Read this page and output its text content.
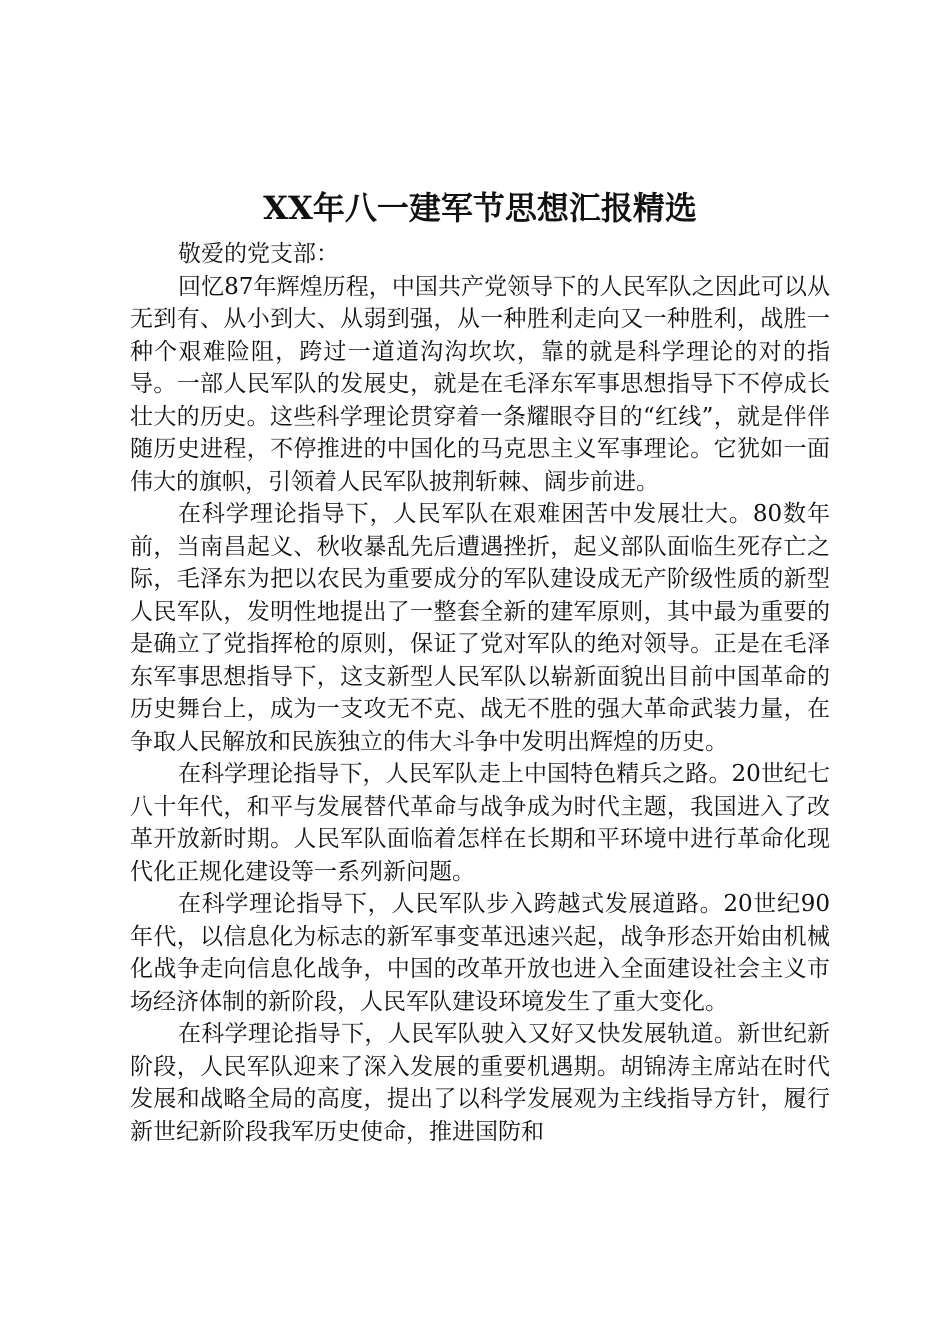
XX年八一建军节思想汇报精选

敬爱的党支部：

回忆87年辉煌历程，中国共产党领导下的人民军队之因此可以从无到有、从小到大、从弱到强，从一种胜利走向又一种胜利，战胜一种个艰难险阻，跨过一道道沟沟坎坎，靠的就是科学理论的对的指导。一部人民军队的发展史，就是在毛泽东军事思想指导下不停成长壮大的历史。这些科学理论贯穿着一条耀眼夺目的“红线”，就是伴伴随历史进程，不停推进的中国化的马克思主义军事理论。它犹如一面伟大的旗帜，引领着人民军队披荆斩棘、阔步前进。

在科学理论指导下，人民军队在艰难困苦中发展壮大。80数年前，当南昌起义、秋收暴乱先后遭遇挫折，起义部队面临生死存亡之际，毛泽东为把以农民为重要成分的军队建设成无产阶级性质的新型人民军队，发明性地提出了一整套全新的建军原则，其中最为重要的是确立了党指挥枪的原则，保证了党对军队的绝对领导。正是在毛泽东军事思想指导下，这支新型人民军队以崭新面貌出目前中国革命的历史舞台上，成为一支攻无不克、战无不胜的强大革命武装力量，在争取人民解放和民族独立的伟大斗争中发明出辉煌的历史。

在科学理论指导下，人民军队走上中国特色精兵之路。20世纪七八十年代，和平与发展替代革命与战争成为时代主题，我国进入了改革开放新时期。人民军队面临着怎样在长期和平环境中进行革命化现代化正规化建设等一系列新问题。

在科学理论指导下，人民军队步入跨越式发展道路。20世纪90年代，以信息化为标志的新军事变革迅速兴起，战争形态开始由机械化战争走向信息化战争，中国的改革开放也进入全面建设社会主义市场经济体制的新阶段，人民军队建设环境发生了重大变化。

在科学理论指导下，人民军队驶入又好又快发展轨道。新世纪新阶段，人民军队迎来了深入发展的重要机遇期。胡锦涛主席站在时代发展和战略全局的高度，提出了以科学发展观为主线指导方针，履行新世纪新阶段我军历史使命，推进国防和
